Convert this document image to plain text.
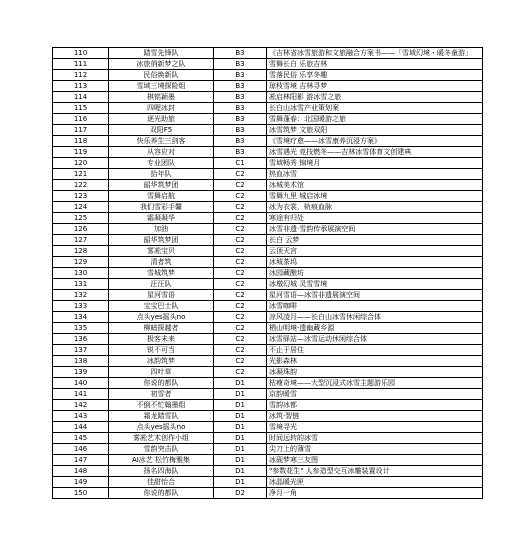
110	踏雪先锋队	B3	《吉林省冰雪旅游和文旅融合方案书——「雪域幻境・暖冬童游」
111	冰旅俏新梦之队	B3	雪舞长白 乐旅吉林
112	民俗焕新队	B3	雪落民俗 乐享冬趣
113	雪域三境探险组	B3	琼枝雪境 吉林寻梦
114	棋铭颖墨	B3	凇启林阳影 游冰雪之旅
115	四喔冰封	B3	长白山冰雪产业策划案
116	逐光助旅	B3	雪舞蓬春：北国暖游之旅
117	双阳F5	B3	冰雪筑梦 文旅双阳
118	快乐养生三剑客	B3	《雪境疗愈——冰雪康养沉浸方案》
119	从容应对	B3	冰雪遇光 竞技燃冬——吉林冰雪体育文创建典
120	专业团队	C1	雪域畅秀 锦境月
121	拾年队	C2	热血冰雪
122	韶华筑梦团	C2	冰城美术馆
123	雪舞启航	C2	雪舞九里 城启冰境
124	我们雪彩手馨	C2	冰为衣裳，轨痕血脉
125	霜凝凝华	C2	寒途有归处
126	加油	C2	冰雪非遗·雪韵传承展演空间
127	韶华筑梦团	C2	长白 云梦
128	雾凇宝贝	C2	云顶天宫
129	清者筑	C2	冰城茶坞
130	雪城筑梦	C2	冰园藏酿坊
131	汪汪队	C2	冰墩幻城 灵雪雪境
132	星河雪语	C2	星河雪语—冰雪非遗展演空间
133	宝宝巴士队	C2	冰雪咖啡
134	点头yes摇头no	C2	凉风凌月——长白山冰雪休闲综合体
135	柳暗探越者	C2	栖山明境·遗幽藏乡源
136	极客未来	C2	冰雪驿站—冰雪运动休闲综合体
137	锐不可当	C2	不止于居住
138	冰韵筑梦	C2	光影森林
139	四叶草	C2	冰凝珠韵
140	你说的都队	D1	枯瘦奇境——大型沉浸式冰雪主题游乐园
141	初雪者	D1	京韵暖雪
142	不倒不忙翰墨组	D1	雪韵冰都
143	霜龙踏雪队	D1	冰筑·智链
144	点头yes摇头no	D1	雪境寻光
145	雾凇艺术创作小组	D1	时间远转的冰雪
146	雪韵突击队	D1	尖刀上的薄雪
147	AI冰艺 松竹梅雅集	D1	冰砚梦寒三友图
148	扬名四海队	D1	"参数花生" 人参造型交互冰雕装置设计
149	佳甜怡合	D1	冰晶暖光匣
150	你说的都队	D2	净月一角
